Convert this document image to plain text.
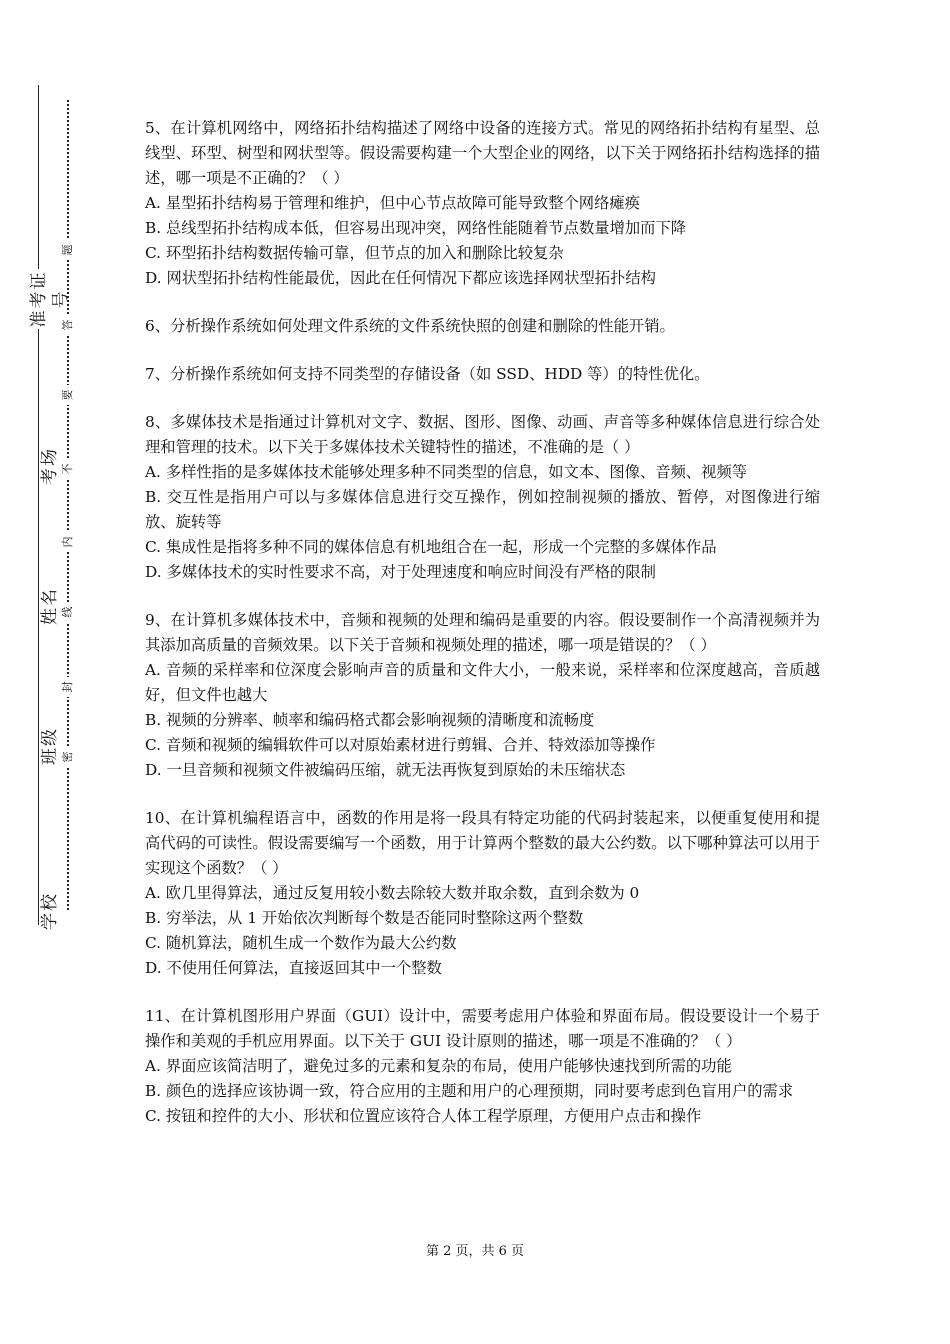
准考证号
考场
姓名
班级
学校
题
答
要
不
内
线
封
密

5、在计算机网络中，网络拓扑结构描述了网络中设备的连接方式。常见的网络拓扑结构有星型、总线型、环型、树型和网状型等。假设需要构建一个大型企业的网络，以下关于网络拓扑结构选择的描述，哪一项是不正确的？（ ）

A. 星型拓扑结构易于管理和维护，但中心节点故障可能导致整个网络瘫痪

B. 总线型拓扑结构成本低，但容易出现冲突，网络性能随着节点数量增加而下降

C. 环型拓扑结构数据传输可靠，但节点的加入和删除比较复杂

D. 网状型拓扑结构性能最优，因此在任何情况下都应该选择网状型拓扑结构

6、分析操作系统如何处理文件系统的文件系统快照的创建和删除的性能开销。

7、分析操作系统如何支持不同类型的存储设备（如 SSD、HDD 等）的特性优化。

8、多媒体技术是指通过计算机对文字、数据、图形、图像、动画、声音等多种媒体信息进行综合处理和管理的技术。以下关于多媒体技术关键特性的描述，不准确的是（ ）

A. 多样性指的是多媒体技术能够处理多种不同类型的信息，如文本、图像、音频、视频等

B. 交互性是指用户可以与多媒体信息进行交互操作，例如控制视频的播放、暂停，对图像进行缩放、旋转等

C. 集成性是指将多种不同的媒体信息有机地组合在一起，形成一个完整的多媒体作品

D. 多媒体技术的实时性要求不高，对于处理速度和响应时间没有严格的限制

9、在计算机多媒体技术中，音频和视频的处理和编码是重要的内容。假设要制作一个高清视频并为其添加高质量的音频效果。以下关于音频和视频处理的描述，哪一项是错误的？（ ）

A. 音频的采样率和位深度会影响声音的质量和文件大小，一般来说，采样率和位深度越高，音质越好，但文件也越大

B. 视频的分辨率、帧率和编码格式都会影响视频的清晰度和流畅度

C. 音频和视频的编辑软件可以对原始素材进行剪辑、合并、特效添加等操作

D. 一旦音频和视频文件被编码压缩，就无法再恢复到原始的未压缩状态

10、在计算机编程语言中，函数的作用是将一段具有特定功能的代码封装起来，以便重复使用和提高代码的可读性。假设需要编写一个函数，用于计算两个整数的最大公约数。以下哪种算法可以用于实现这个函数？（ ）

A. 欧几里得算法，通过反复用较小数去除较大数并取余数，直到余数为 0

B. 穷举法，从 1 开始依次判断每个数是否能同时整除这两个整数

C. 随机算法，随机生成一个数作为最大公约数

D. 不使用任何算法，直接返回其中一个整数

11、在计算机图形用户界面（GUI）设计中，需要考虑用户体验和界面布局。假设要设计一个易于操作和美观的手机应用界面。以下关于 GUI 设计原则的描述，哪一项是不准确的？（ ）

A. 界面应该简洁明了，避免过多的元素和复杂的布局，使用户能够快速找到所需的功能

B. 颜色的选择应该协调一致，符合应用的主题和用户的心理预期，同时要考虑到色盲用户的需求

C. 按钮和控件的大小、形状和位置应该符合人体工程学原理，方便用户点击和操作

第 2 页，共 6 页
